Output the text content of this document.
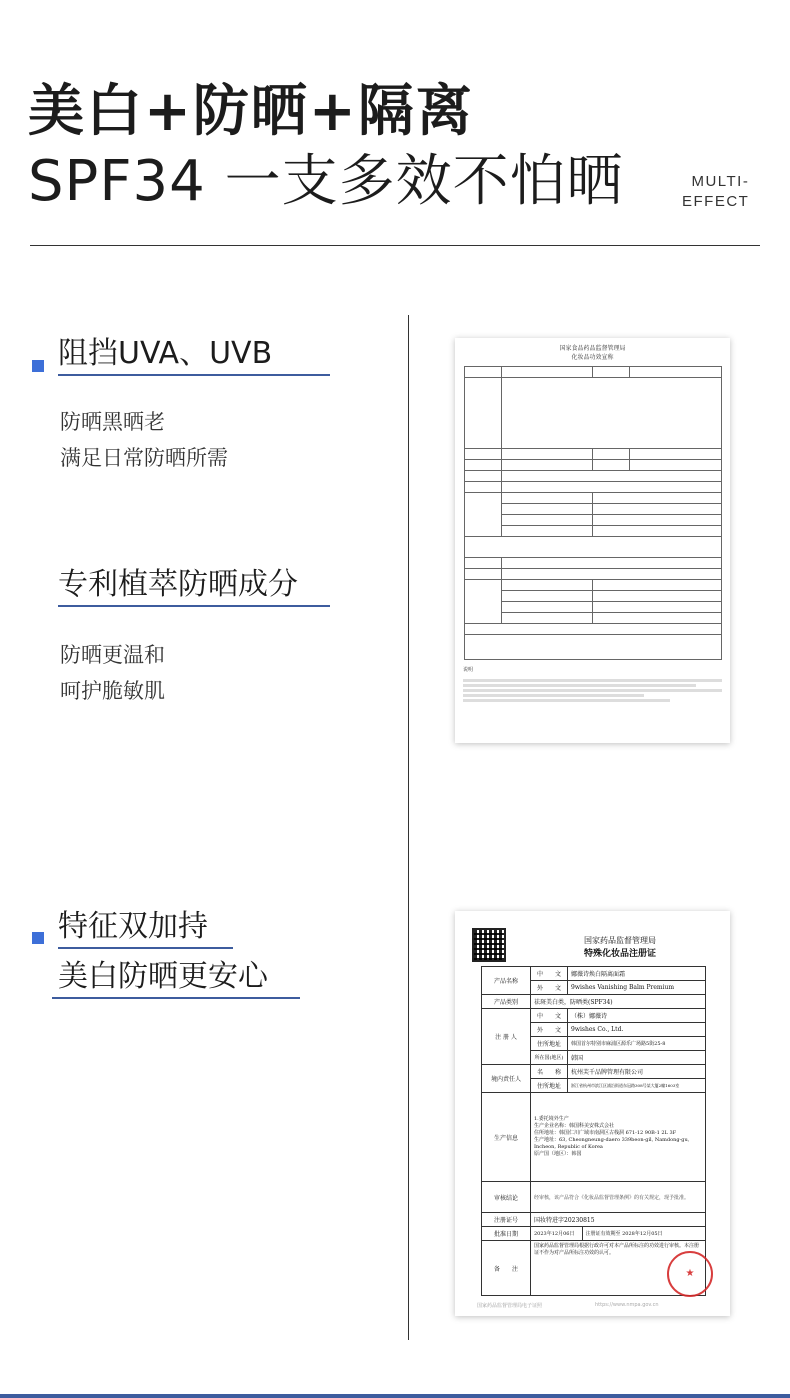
美白+防晒+隔离
SPF34 一支多效不怕晒	MULTI-
EFFECT
阻挡UVA、UVB
防晒黑晒老
满足日常防晒所需
专利植萃防晒成分
防晒更温和
呵护脆敏肌
特征双加持
美白防晒更安心
国家食品药品监督管理局
化妆品功效宣称

说明
国家药品监督管理局
特殊化妆品注册证
产品名称	中　　文	娜薇诗焕白隔离面霜	
	外　　文	9wishes Vanishing Balm Premium	
产品类别	祛斑美白类，防晒类(SPF34)		
注 册 人	中　　文	（株）娜薇诗	
	外　　文	9wishes Co., Ltd.	
	住所地址	韩国首尔特别市麻浦区源乐广场路5街25-8	
	所在国(地区)	韩国	
境内责任人	名　　称	杭州芙千品牌管理有限公司	
	住所地址	浙江省杭州市滨江区浦沿街道东冠路308号某大厦2幢1603室	
生产信息	1.委托境外生产
生产企业名称：韩国科美安株式会社
住所地址：韩国仁川广域市南洞区古栈洞 671-12 90B-1 2L 3F
生产地址：63, Cheongneung-daero 339beon-gil, Namdong-gu, Incheon, Republic of Korea
原产国（地区）：韩国		

审核结论	经审核，该产品符合《化妆品监督管理条例》的有关规定，现予批准。		
注册证号	国妆特进字20230815		
批准日期	2023年12月06日		注册证有效期至 2028年12月05日
备　　注	国家药品监督管理局根据行政许可对本产品所标注的功效进行审核。本注册证不作为对产品所标注功效的认可。		
★
国家药品监督管理局电子证照	https://www.nmpa.gov.cn
